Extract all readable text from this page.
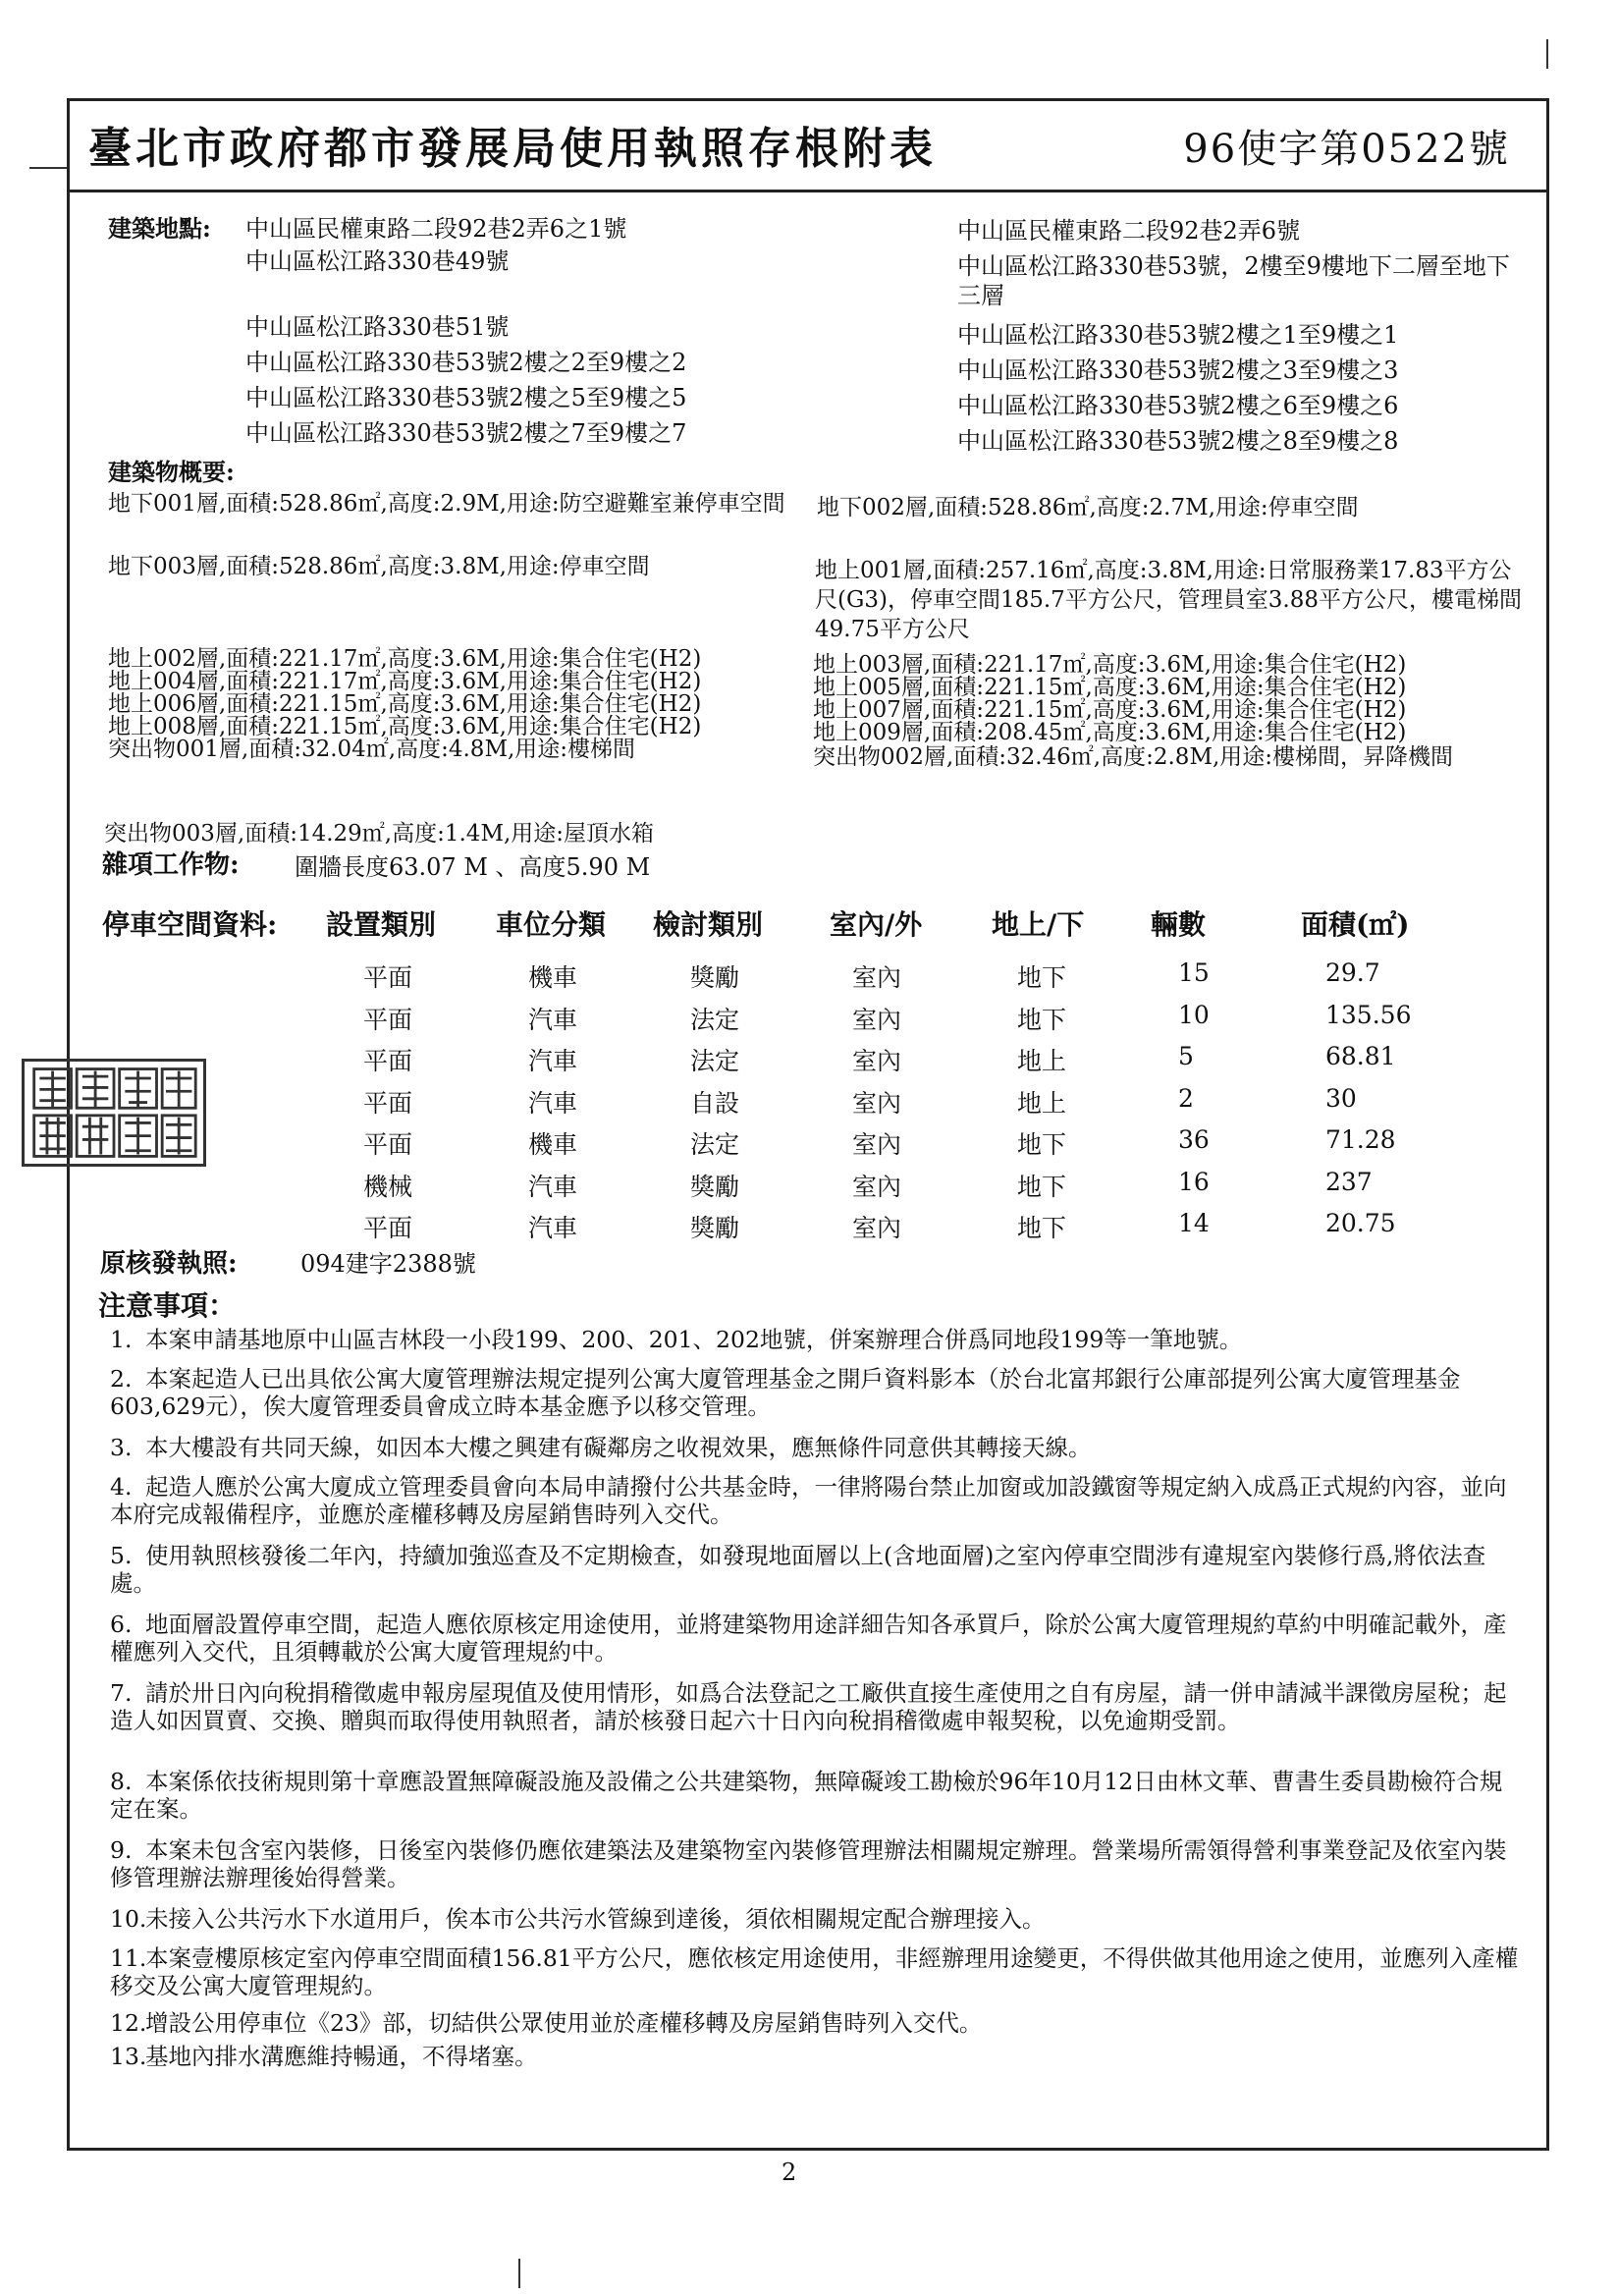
臺北市政府都市發展局使用執照存根附表	96使字第0522號
建築地點: 中山區民權東路二段92巷2弄6之1號
中山區松江路330巷49號
中山區松江路330巷51號
中山區松江路330巷53號2樓之2至9樓之2
中山區松江路330巷53號2樓之5至9樓之5
中山區松江路330巷53號2樓之7至9樓之7
中山區民權東路二段92巷2弄6號
中山區松江路330巷53號，2樓至9樓地下二層至地下三層
中山區松江路330巷53號2樓之1至9樓之1
中山區松江路330巷53號2樓之3至9樓之3
中山區松江路330巷53號2樓之6至9樓之6
中山區松江路330巷53號2樓之8至9樓之8
建築物概要:
地下001層,面積:528.86㎡,高度:2.9M,用途:防空避難室兼停車空間	地下002層,面積:528.86㎡,高度:2.7M,用途:停車空間
地下003層,面積:528.86㎡,高度:3.8M,用途:停車空間	地上001層,面積:257.16㎡,高度:3.8M,用途:日常服務業17.83平方公尺(G3)，停車空間185.7平方公尺，管理員室3.88平方公尺，樓電梯間49.75平方公尺
地上002層,面積:221.17㎡,高度:3.6M,用途:集合住宅(H2)
地上004層,面積:221.17㎡,高度:3.6M,用途:集合住宅(H2)
地上006層,面積:221.15㎡,高度:3.6M,用途:集合住宅(H2)
地上008層,面積:221.15㎡,高度:3.6M,用途:集合住宅(H2)
突出物001層,面積:32.04㎡,高度:4.8M,用途:樓梯間
地上003層,面積:221.17㎡,高度:3.6M,用途:集合住宅(H2)
地上005層,面積:221.15㎡,高度:3.6M,用途:集合住宅(H2)
地上007層,面積:221.15㎡,高度:3.6M,用途:集合住宅(H2)
地上009層,面積:208.45㎡,高度:3.6M,用途:集合住宅(H2)
突出物002層,面積:32.46㎡,高度:2.8M,用途:樓梯間，昇降機間
突出物003層,面積:14.29㎡,高度:1.4M,用途:屋頂水箱
雜項工作物: 圍牆長度63.07 M 、高度5.90 M
停車空間資料: 設置類別 車位分類 檢討類別 室內/外	地上/下 輛數	面積(㎡)
平面	機車	獎勵	室內	地下	15	29.7
平面	汽車	法定	室內	地下	10	135.56
平面	汽車	法定	室內	地上	5	68.81
平面	汽車	自設	室內	地上	2	30
平面	機車	法定	室內	地下	36	71.28
機械	汽車	獎勵	室內	地下	16	237
平面	汽車	獎勵	室內	地下	14	20.75
原核發執照:	094建字2388號
注意事項：
1. 本案申請基地原中山區吉林段一小段199、200、201、202地號，併案辦理合併爲同地段199等一筆地號。
2. 本案起造人已出具依公寓大廈管理辦法規定提列公寓大廈管理基金之開戶資料影本（於台北富邦銀行公庫部提列公寓大廈管理基金 603,629元），俟大廈管理委員會成立時本基金應予以移交管理。
3. 本大樓設有共同天線，如因本大樓之興建有礙鄰房之收視效果，應無條件同意供其轉接天線。
4. 起造人應於公寓大廈成立管理委員會向本局申請撥付公共基金時，一律將陽台禁止加窗或加設鐵窗等規定納入成爲正式規約內容，並向本府完成報備程序，並應於產權移轉及房屋銷售時列入交代。
5. 使用執照核發後二年內，持續加強巡查及不定期檢查，如發現地面層以上(含地面層)之室內停車空間涉有違規室內裝修行爲,將依法查處。
6. 地面層設置停車空間，起造人應依原核定用途使用，並將建築物用途詳細告知各承買戶，除於公寓大廈管理規約草約中明確記載外，產權應列入交代，且須轉載於公寓大廈管理規約中。
7. 請於卅日內向稅捐稽徵處申報房屋現值及使用情形，如爲合法登記之工廠供直接生產使用之自有房屋，請一併申請減半課徵房屋稅；起造人如因買賣、交換、贈與而取得使用執照者，請於核發日起六十日內向稅捐稽徵處申報契稅，以免逾期受罰。
8. 本案係依技術規則第十章應設置無障礙設施及設備之公共建築物，無障礙竣工勘檢於96年10月12日由林文華、曹書生委員勘檢符合規定在案。
9. 本案未包含室內裝修，日後室內裝修仍應依建築法及建築物室內裝修管理辦法相關規定辦理。營業場所需領得營利事業登記及依室內裝修管理辦法辦理後始得營業。
10.未接入公共污水下水道用戶，俟本市公共污水管線到達後，須依相關規定配合辦理接入。
11.本案壹樓原核定室內停車空間面積156.81平方公尺，應依核定用途使用，非經辦理用途變更，不得供做其他用途之使用，並應列入產權移交及公寓大廈管理規約。
12.增設公用停車位《23》部，切結供公眾使用並於產權移轉及房屋銷售時列入交代。
13.基地內排水溝應維持暢通，不得堵塞。
2
